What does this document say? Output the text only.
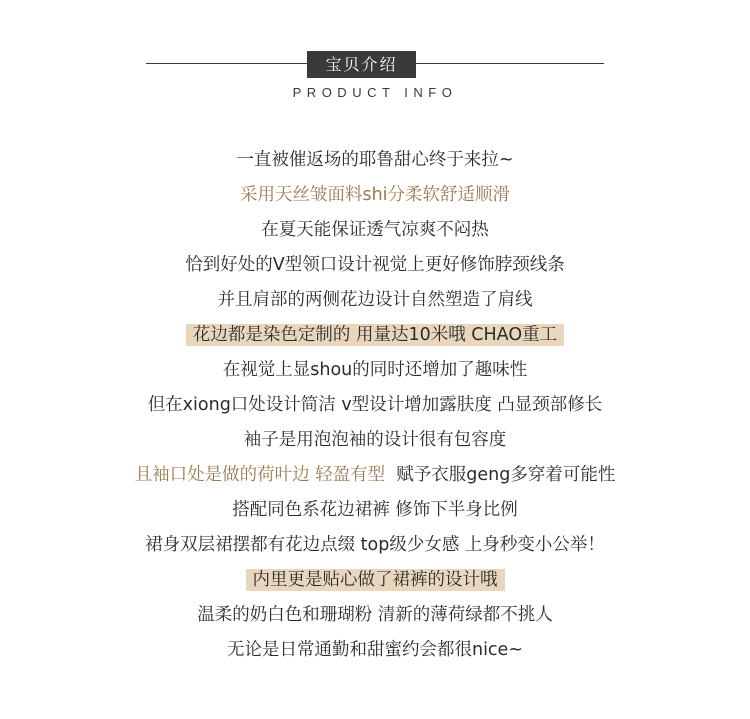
宝贝介绍
PRODUCT INFO
一直被催返场的耶鲁甜心终于来拉~
采用天丝皱面料shi分柔软舒适顺滑
在夏天能保证透气凉爽不闷热
恰到好处的V型领口设计视觉上更好修饰脖颈线条
并且肩部的两侧花边设计自然塑造了肩线
花边都是染色定制的 用量达10米哦 CHAO重工
在视觉上显shou的同时还增加了趣味性
但在xiong口处设计简洁 v型设计增加露肤度 凸显颈部修长
袖子是用泡泡袖的设计很有包容度
且袖口处是做的荷叶边 轻盈有型  赋予衣服geng多穿着可能性
搭配同色系花边裙裤 修饰下半身比例
裙身双层裙摆都有花边点缀 top级少女感 上身秒变小公举！
内里更是贴心做了裙裤的设计哦
温柔的奶白色和珊瑚粉 清新的薄荷绿都不挑人
无论是日常通勤和甜蜜约会都很nice~
